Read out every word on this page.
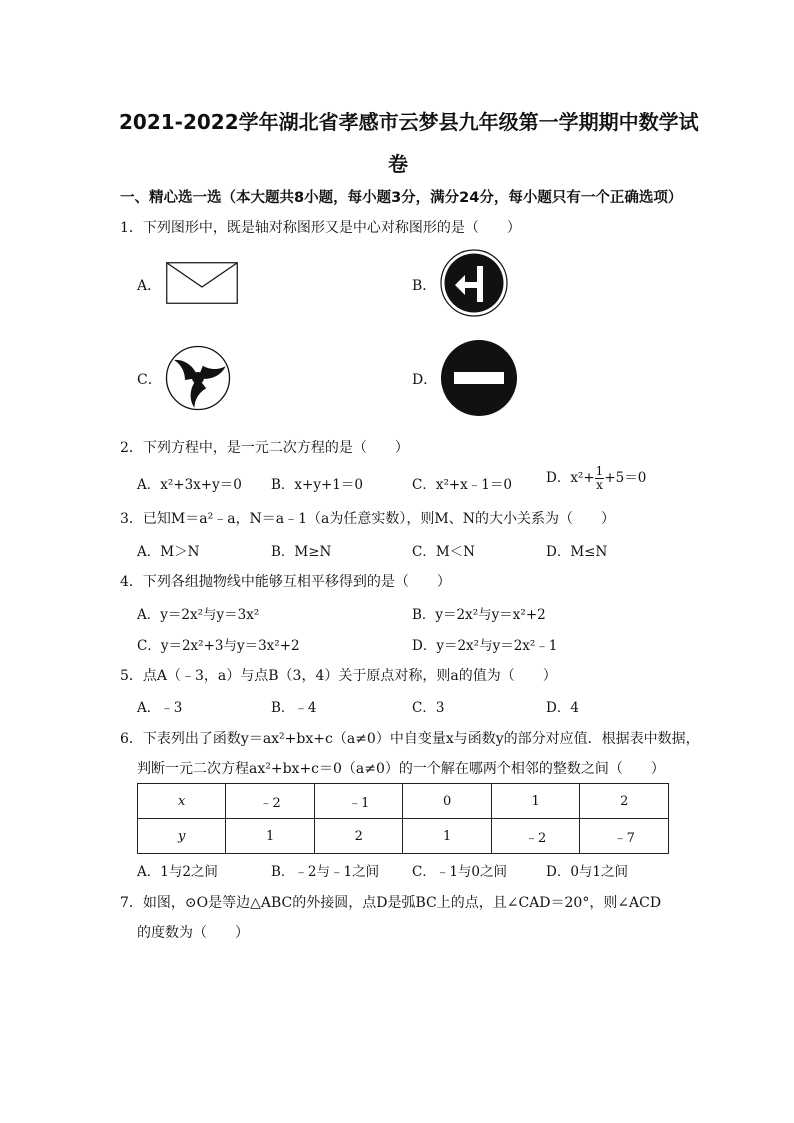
2021-2022学年湖北省孝感市云梦县九年级第一学期期中数学试
卷
一、精心选一选（本大题共8小题，每小题3分，满分24分，每小题只有一个正确选项）
1．下列图形中，既是轴对称图形又是中心对称图形的是（　　）
A．	B．
C．	D．
2．下列方程中，是一元二次方程的是（　　）
A．x²+3x+y＝0 B．x+y+1＝0	C．x²+x﹣1＝0	D．$x^2+ \frac{1}{x} +5=0$
3．已知M＝a²﹣a，N＝a﹣1（a为任意实数），则M、N的大小关系为（　　）
A．M＞N	B．M≥N	C．M＜N	D．M≤N
4．下列各组抛物线中能够互相平移得到的是（　　）
A．y＝2x²与y＝3x²	B．y＝2x²与y＝x²+2
C．y＝2x²+3与y＝3x²+2	D．y＝2x²与y＝2x²﹣1
5．点A（﹣3，a）与点B（3，4）关于原点对称，则a的值为（　　）
A．﹣3	B．﹣4	C．3	D．4
6．下表列出了函数y＝ax²+bx+c（a≠0）中自变量x与函数y的部分对应值．根据表中数据，
判断一元二次方程ax²+bx+c＝0（a≠0）的一个解在哪两个相邻的整数之间（　　）
x	﹣2	﹣1	0	1	2
y	1	2	1	﹣2	﹣7
A．1与2之间	B．﹣2与﹣1之间 C．﹣1与0之间	D．0与1之间
7．如图，⊙O是等边△ABC的外接圆，点D是弧BC上的点，且∠CAD＝20°，则∠ACD
的度数为（　　）
